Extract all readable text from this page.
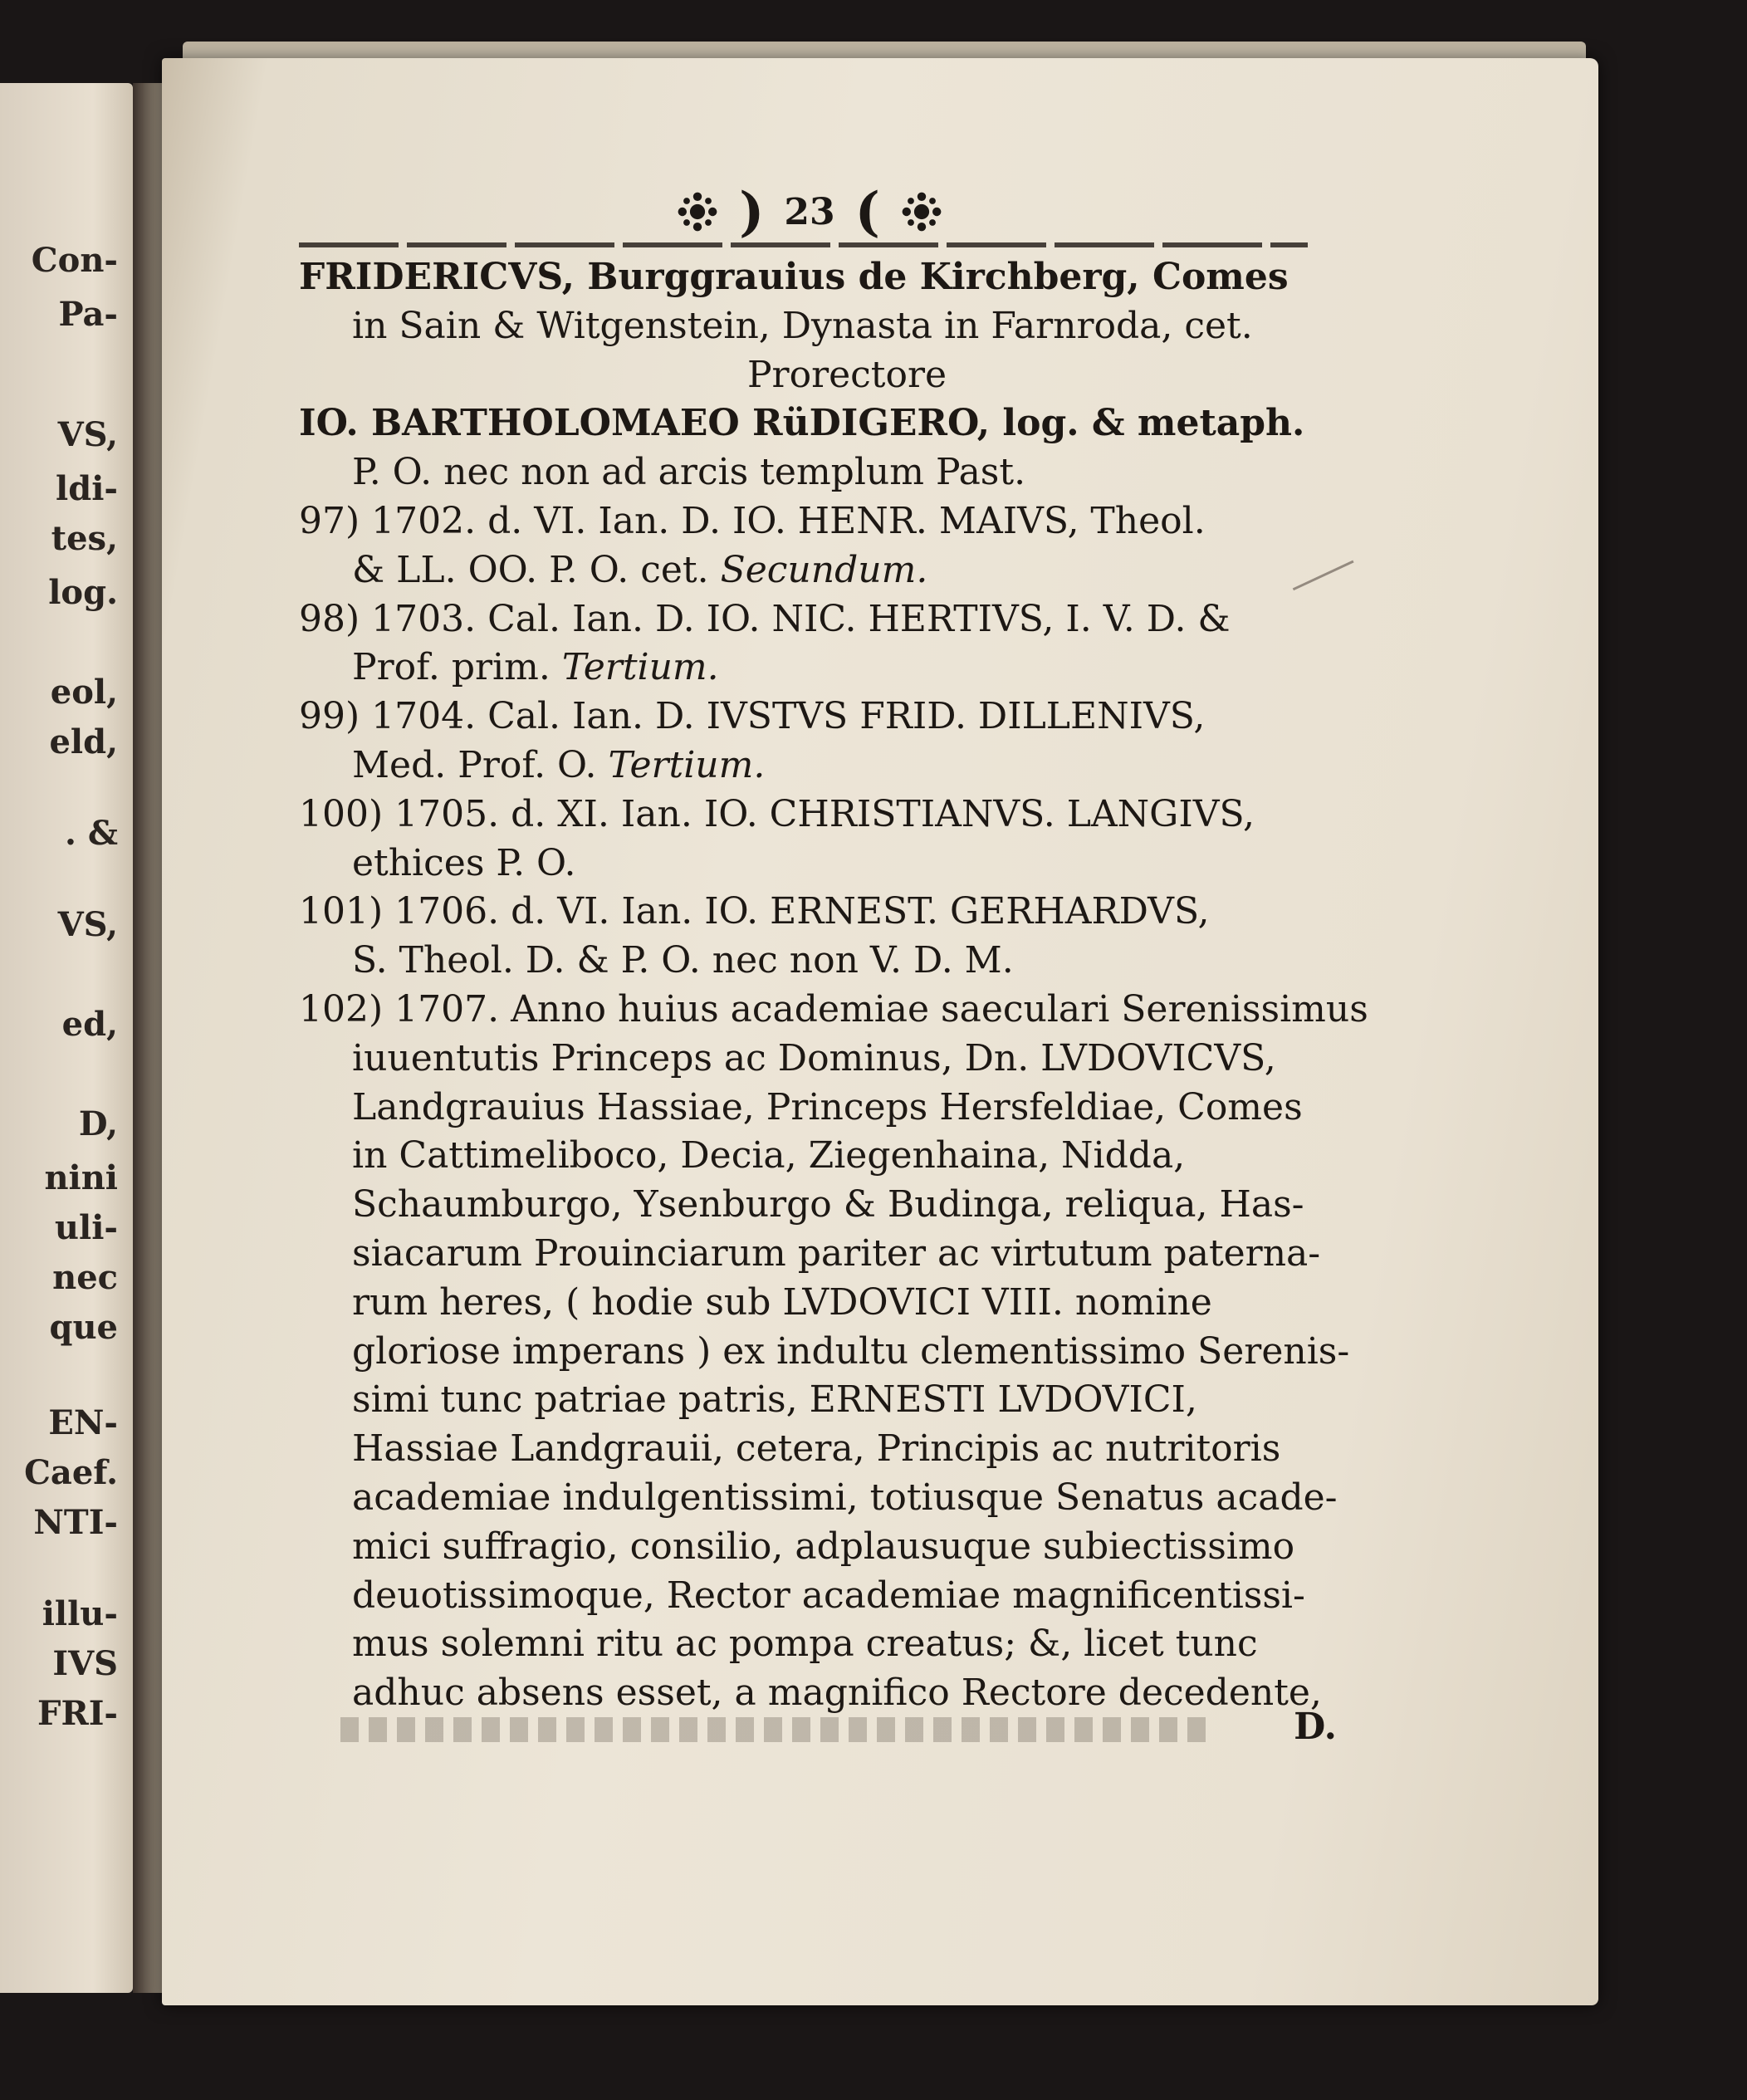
Con-
Pa-
VS,
ldi-
tes,
log.
eol,
eld,
. &
VS,
ed,
D,
nini
uli-
nec
que
EN-
Caef.
NTI-
illu-
IVS
FRI-
) 23 (
FRIDERICVS, Burggrauius de Kirchberg, Comes
in Sain & Witgenstein, Dynasta in Farnroda, cet.
Prorectore
IO. BARTHOLOMAEO RüDIGERO, log. & metaph.
P. O. nec non ad arcis templum Past.
97) 1702. d. VI. Ian. D. IO. HENR. MAIVS, Theol.
& LL. OO. P. O. cet. Secundum.
98) 1703. Cal. Ian. D. IO. NIC. HERTIVS, I. V. D. &
Prof. prim. Tertium.
99) 1704. Cal. Ian. D. IVSTVS FRID. DILLENIVS,
Med. Prof. O. Tertium.
100) 1705. d. XI. Ian. IO. CHRISTIANVS. LANGIVS,
ethices P. O.
101) 1706. d. VI. Ian. IO. ERNEST. GERHARDVS,
S. Theol. D. & P. O. nec non V. D. M.
102) 1707. Anno huius academiae saeculari Serenissimus
iuuentutis Princeps ac Dominus, Dn. LVDOVICVS,
Landgrauius Hassiae, Princeps Hersfeldiae, Comes
in Cattimeliboco, Decia, Ziegenhaina, Nidda,
Schaumburgo, Ysenburgo & Budinga, reliqua, Has-
siacarum Prouinciarum pariter ac virtutum paterna-
rum heres, ( hodie sub LVDOVICI VIII. nomine
gloriose imperans ) ex indultu clementissimo Serenis-
simi tunc patriae patris, ERNESTI LVDOVICI,
Hassiae Landgrauii, cetera, Principis ac nutritoris
academiae indulgentissimi, totiusque Senatus acade-
mici suffragio, consilio, adplausuque subiectissimo
deuotissimoque, Rector academiae magnificentissi-
mus solemni ritu ac pompa creatus; &, licet tunc
adhuc absens esset, a magnifico Rectore decedente,
D.
